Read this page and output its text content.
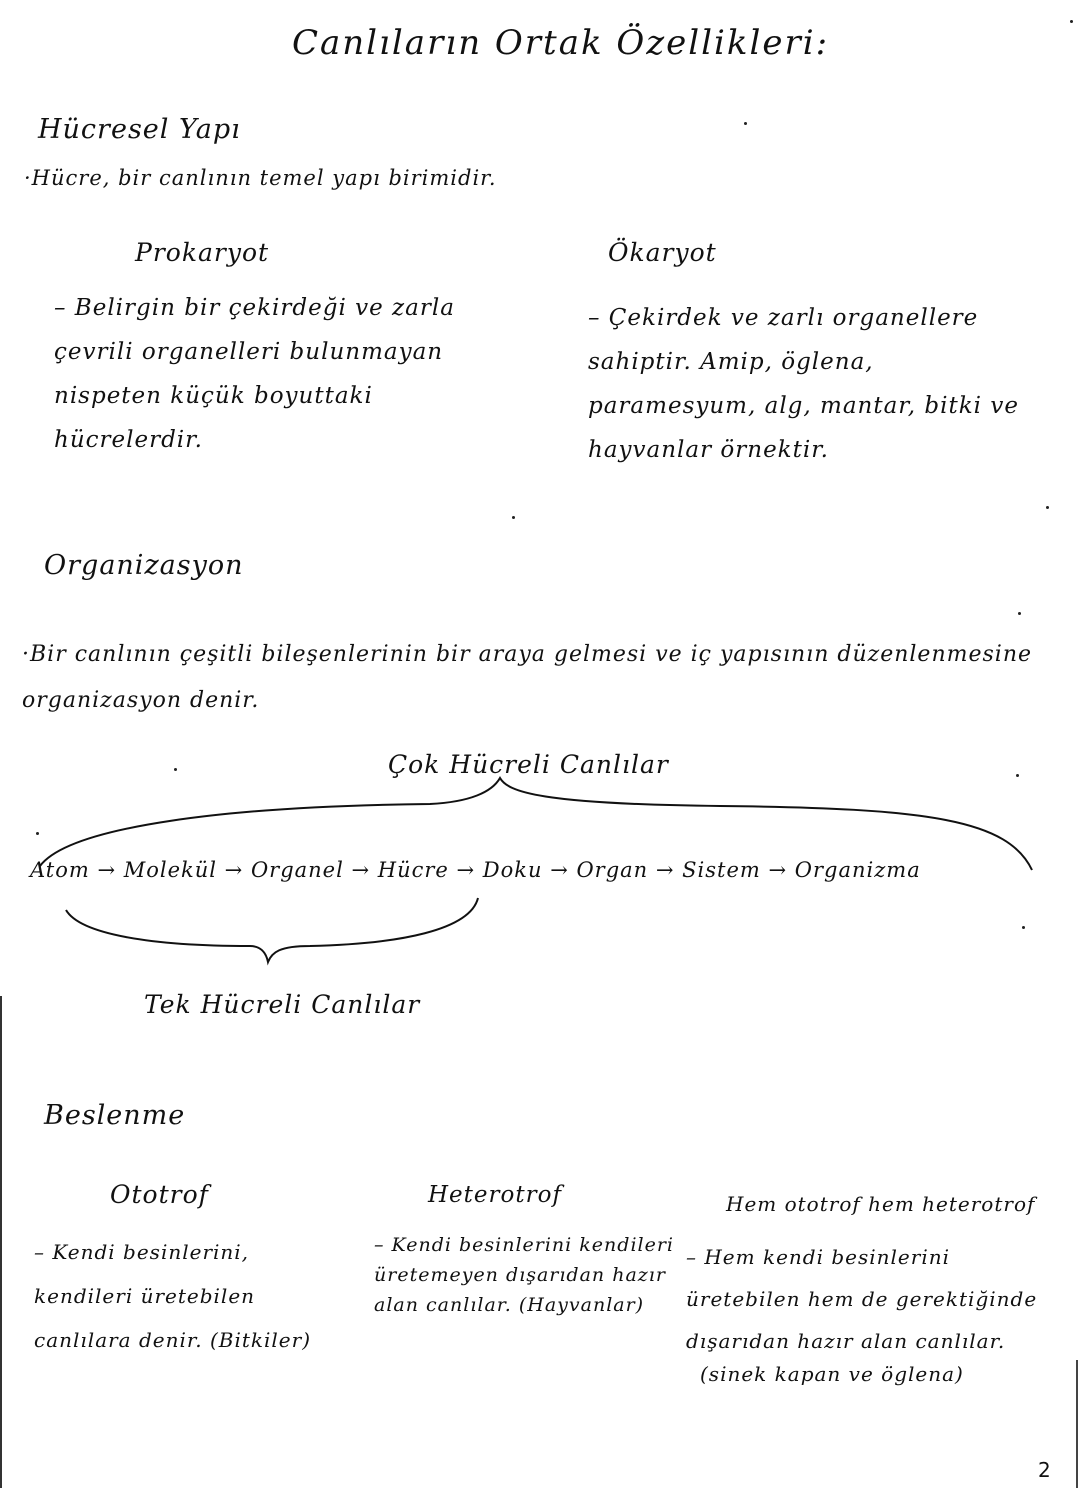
Canlıların Ortak Özellikleri:
Hücresel Yapı
·Hücre, bir canlının temel yapı birimidir.
Prokaryot
– Belirgin bir çekirdeği ve zarla çevrili organelleri bulunmayan nispeten küçük boyuttaki hücrelerdir.
Ökaryot
– Çekirdek ve zarlı organellere sahiptir. Amip, öglena, paramesyum, alg, mantar, bitki ve hayvanlar örnektir.
Organizasyon
·Bir canlının çeşitli bileşenlerinin bir araya gelmesi ve iç yapısının düzenlenmesine organizasyon denir.
Çok Hücreli Canlılar
Atom → Molekül → Organel → Hücre → Doku → Organ → Sistem → Organizma
Tek Hücreli Canlılar
Beslenme
Ototrof
– Kendi besinlerini, kendileri üretebilen canlılara denir. (Bitkiler)
Heterotrof
– Kendi besinlerini kendileri üretemeyen dışarıdan hazır alan canlılar. (Hayvanlar)
Hem ototrof hem heterotrof
– Hem kendi besinlerini üretebilen hem de gerektiğinde dışarıdan hazır alan canlılar.
(sinek kapan ve öglena)
2
